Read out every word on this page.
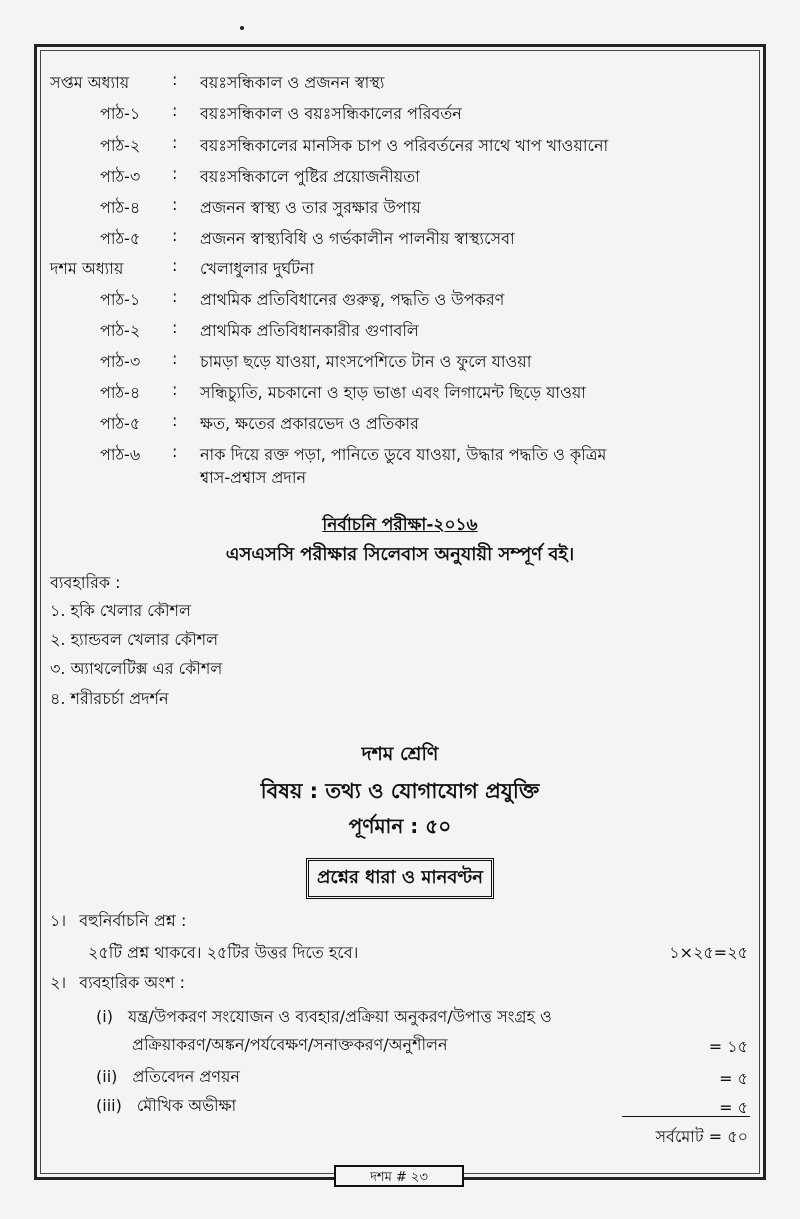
সপ্তম অধ্যায়	: বয়ঃসন্ধিকাল ও প্রজনন স্বাস্থ্য
পাঠ-১ : বয়ঃসন্ধিকাল ও বয়ঃসন্ধিকালের পরিবর্তন
পাঠ-২ : বয়ঃসন্ধিকালের মানসিক চাপ ও পরিবর্তনের সাথে খাপ খাওয়ানো
পাঠ-৩ : বয়ঃসন্ধিকালে পুষ্টির প্রয়োজনীয়তা
পাঠ-৪ : প্রজনন স্বাস্থ্য ও তার সুরক্ষার উপায়
পাঠ-৫ : প্রজনন স্বাস্থ্যবিধি ও গর্ভকালীন পালনীয় স্বাস্থ্যসেবা
দশম অধ্যায়	: খেলাধুলার দুর্ঘটনা
পাঠ-১ : প্রাথমিক প্রতিবিধানের গুরুত্ব, পদ্ধতি ও উপকরণ
পাঠ-২ : প্রাথমিক প্রতিবিধানকারীর গুণাবলি
পাঠ-৩ : চামড়া ছড়ে যাওয়া, মাংসপেশিতে টান ও ফুলে যাওয়া
পাঠ-৪ : সন্ধিচ্যুতি, মচকানো ও হাড় ভাঙা এবং লিগামেন্ট ছিড়ে যাওয়া
পাঠ-৫ : ক্ষত, ক্ষতের প্রকারভেদ ও প্রতিকার
পাঠ-৬ : নাক দিয়ে রক্ত পড়া, পানিতে ডুবে যাওয়া, উদ্ধার পদ্ধতি ও কৃত্রিম
শ্বাস-প্রশ্বাস প্রদান
নির্বাচনি পরীক্ষা-২০১৬
এসএসসি পরীক্ষার সিলেবাস অনুযায়ী সম্পূর্ণ বই।
ব্যবহারিক :
১. হকি খেলার কৌশল
২. হ্যান্ডবল খেলার কৌশল
৩. অ্যাথলেটিক্স এর কৌশল
৪. শরীরচর্চা প্রদর্শন
দশম শ্রেণি
বিষয় : তথ্য ও যোগাযোগ প্রযুক্তি
পূর্ণমান : ৫০
প্রশ্নের ধারা ও মানবণ্টন
১। বহুনির্বাচনি প্রশ্ন :
২৫টি প্রশ্ন থাকবে। ২৫টির উত্তর দিতে হবে।	১×২৫=২৫
২। ব্যবহারিক অংশ :
(i) যন্ত্র/উপকরণ সংযোজন ও ব্যবহার/প্রক্রিয়া অনুকরণ/উপাত্ত সংগ্রহ ও
প্রক্রিয়াকরণ/অঙ্কন/পর্যবেক্ষণ/সনাক্তকরণ/অনুশীলন	= ১৫
(ii) প্রতিবেদন প্রণয়ন	= ৫
(iii) মৌখিক অভীক্ষা	= ৫
সর্বমোট = ৫০
দশম # ২৩
